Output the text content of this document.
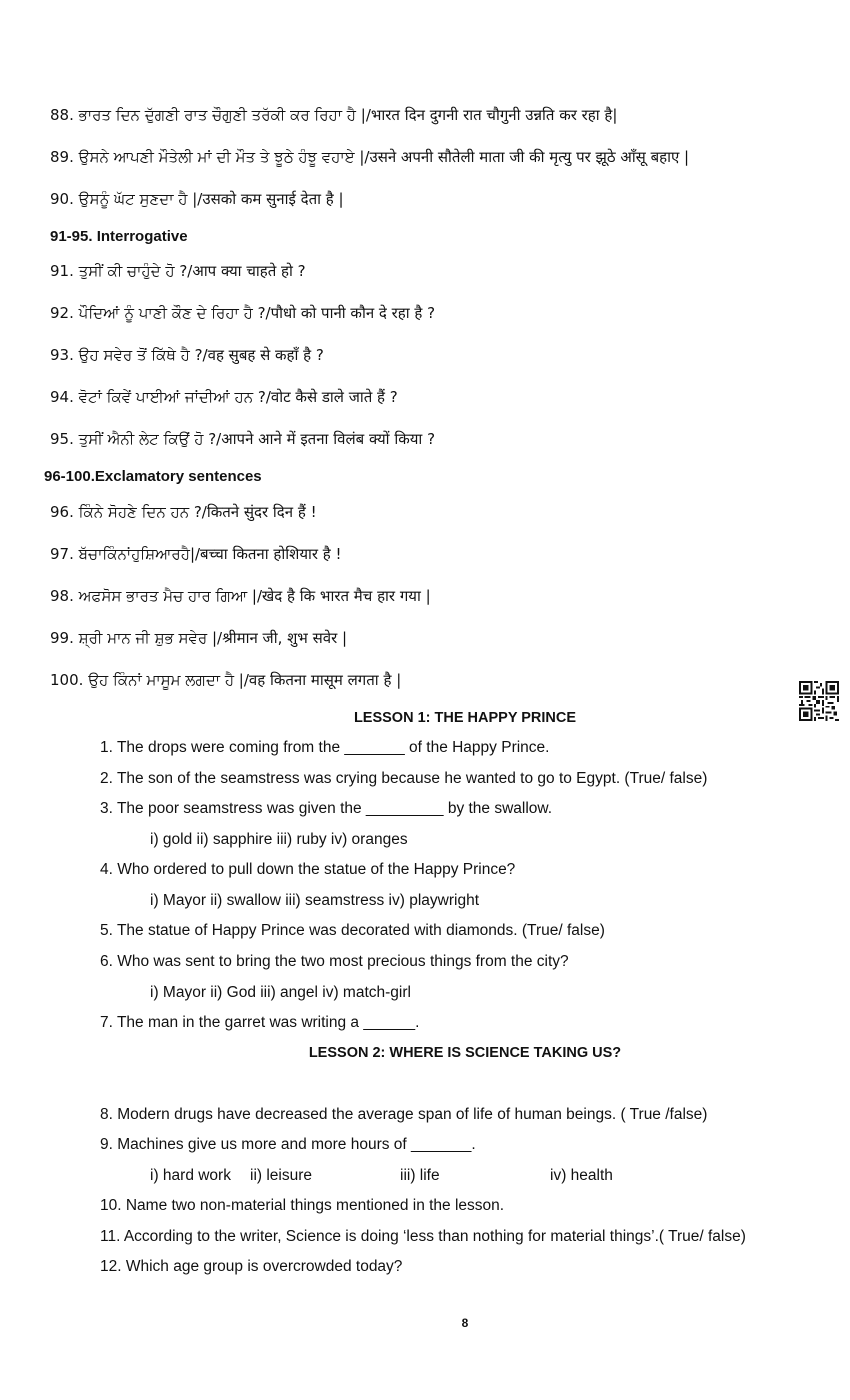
88. ਭਾਰਤ ਦਿਨ ਦੁੱਗਣੀ ਰਾਤ ਚੌਗੁਣੀ ਤਰੱਕੀ ਕਰ ਰਿਹਾ ਹੈ |/भारत दिन दुगनी रात चौगुनी उन्नति कर रहा है|
89. ਉਸਨੇ ਆਪਣੀ ਮੌਤੇਲੀ ਮਾਂ ਦੀ ਮੌਤ ਤੇ ਝੂਠੇ ਹੰਝੂ ਵਹਾਏ |/उसने अपनी सौतेली माता जी की मृत्यु पर झूठे आँसू बहाए |
90. ਉਸਨੂੰ ਘੱਟ ਸੁਣਦਾ ਹੈ |/उसको कम सुनाई देता है |
91-95. Interrogative
91. ਤੁਸੀਂ ਕੀ ਚਾਹੁੰਦੇ ਹੋ ?/आप क्या चाहते हो ?
92. ਪੌਦਿਆਂ ਨੂੰ ਪਾਣੀ ਕੌਣ ਦੇ ਰਿਹਾ ਹੈ ?/पौधो को पानी कौन दे रहा है ?
93. ਉਹ ਸਵੇਰ ਤੋਂ ਕਿੱਥੇ ਹੈ ?/वह सुबह से कहाँ है ?
94. ਵੋਟਾਂ ਕਿਵੇਂ ਪਾਈਆਂ ਜਾਂਦੀਆਂ ਹਨ ?/वोट कैसे डाले जाते हैं ?
95. ਤੁਸੀਂ ਐਨੀ ਲੇਟ ਕਿਉਂ ਹੋ ?/आपने आने में इतना विलंब क्यों किया ?
96-100.Exclamatory sentences
96. ਕਿੰਨੇ ਸੋਹਣੇ ਦਿਨ ਹਨ ?/कितने सुंदर दिन हैं !
97. ਬੱਚਾਕਿੰਨਾਂਹੁਸ਼ਿਆਰਹੈ|/बच्चा कितना होशियार है !
98. ਅਫਸੋਸ ਭਾਰਤ ਮੈਚ ਹਾਰ ਗਿਆ |/खेद है कि भारत मैच हार गया |
99. ਸ਼੍ਰੀ ਮਾਨ ਜੀ ਸ਼ੁਭ ਸਵੇਰ |/श्रीमान जी, शुभ सवेर |
100. ਉਹ ਕਿੰਨਾਂ ਮਾਸੂਮ ਲਗਦਾ ਹੈ |/वह कितना मासूम लगता है |
LESSON 1: THE HAPPY PRINCE
1. The drops were coming from the _______ of the Happy Prince.
2. The son of the seamstress was crying because he wanted to go to Egypt. (True/ false)
3. The poor seamstress was given the _________ by the swallow.
i) gold ii) sapphire iii) ruby iv) oranges
4. Who ordered to pull down the statue of the Happy Prince?
i) Mayor ii) swallow iii) seamstress iv) playwright
5. The statue of Happy Prince was decorated with diamonds. (True/ false)
6. Who was sent to bring the two most precious things from the city?
i) Mayor ii) God iii) angel iv) match-girl
7. The man in the garret was writing a ______.
LESSON 2: WHERE IS SCIENCE TAKING US?
8. Modern drugs have decreased the average span of life of human beings. ( True /false)
9. Machines give us more and more hours of _______.
i) hard work ii) leisure	iii) life	iv) health
10. Name two non-material things mentioned in the lesson.
11. According to the writer, Science is doing ‘less than nothing for material things’.( True/ false)
12. Which age group is overcrowded today?
8
